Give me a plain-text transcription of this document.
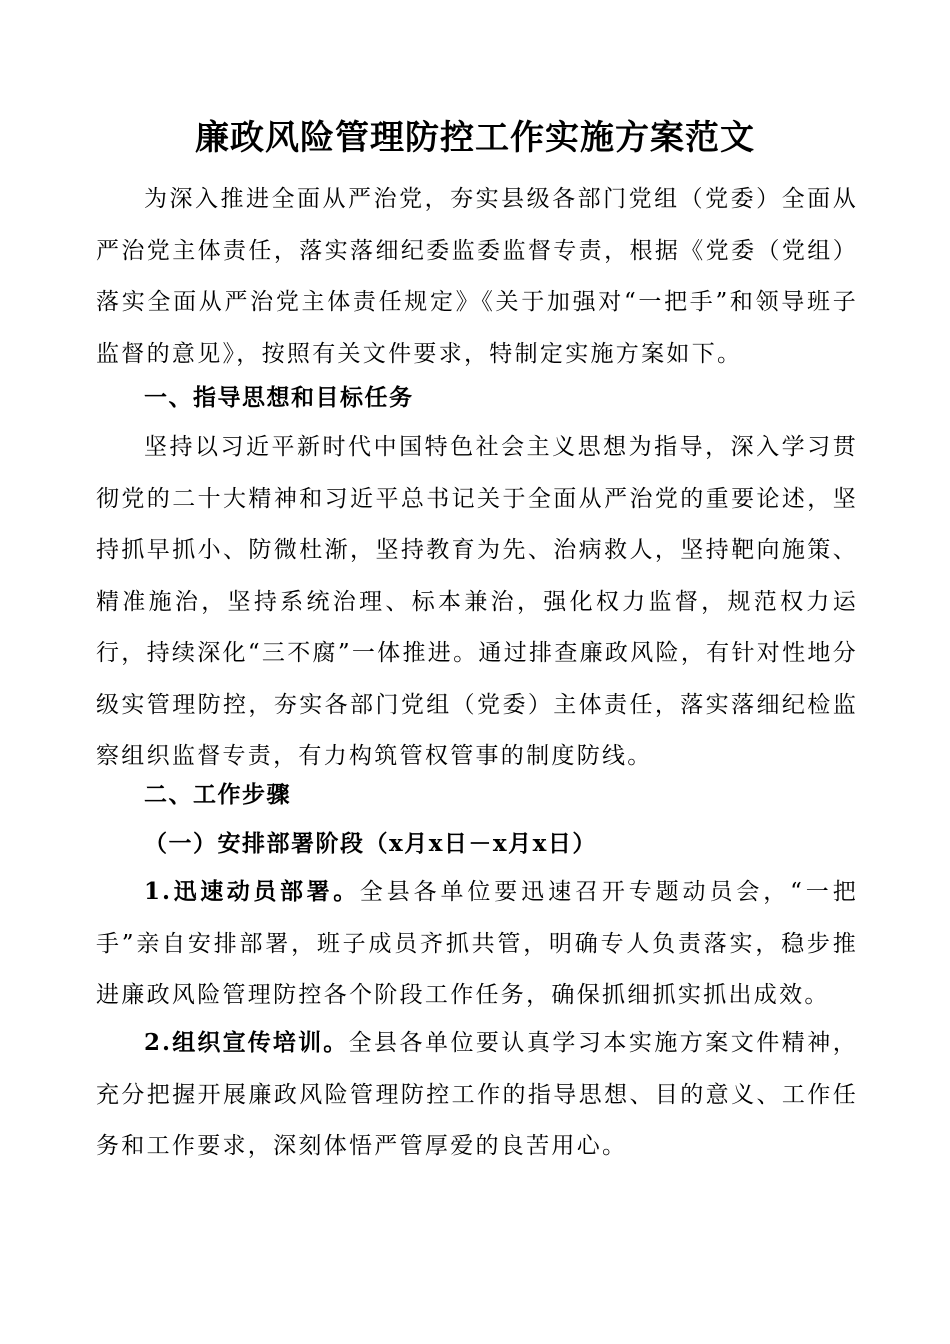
廉政风险管理防控工作实施方案范文

为深入推进全面从严治党，夯实县级各部门党组（党委）全面从严治党主体责任，落实落细纪委监委监督专责，根据《党委（党组）落实全面从严治党主体责任规定》《关于加强对“一把手”和领导班子监督的意见》，按照有关文件要求，特制定实施方案如下。

一、指导思想和目标任务

坚持以习近平新时代中国特色社会主义思想为指导，深入学习贯彻党的二十大精神和习近平总书记关于全面从严治党的重要论述，坚持抓早抓小、防微杜渐，坚持教育为先、治病救人，坚持靶向施策、精准施治，坚持系统治理、标本兼治，强化权力监督，规范权力运行，持续深化“三不腐”一体推进。通过排查廉政风险，有针对性地分级实管理防控，夯实各部门党组（党委）主体责任，落实落细纪检监察组织监督专责，有力构筑管权管事的制度防线。

二、工作步骤

（一）安排部署阶段（x月x日－x月x日）

1.迅速动员部署。全县各单位要迅速召开专题动员会，“一把手”亲自安排部署，班子成员齐抓共管，明确专人负责落实，稳步推进廉政风险管理防控各个阶段工作任务，确保抓细抓实抓出成效。

2.组织宣传培训。全县各单位要认真学习本实施方案文件精神，充分把握开展廉政风险管理防控工作的指导思想、目的意义、工作任务和工作要求，深刻体悟严管厚爱的良苦用心。
